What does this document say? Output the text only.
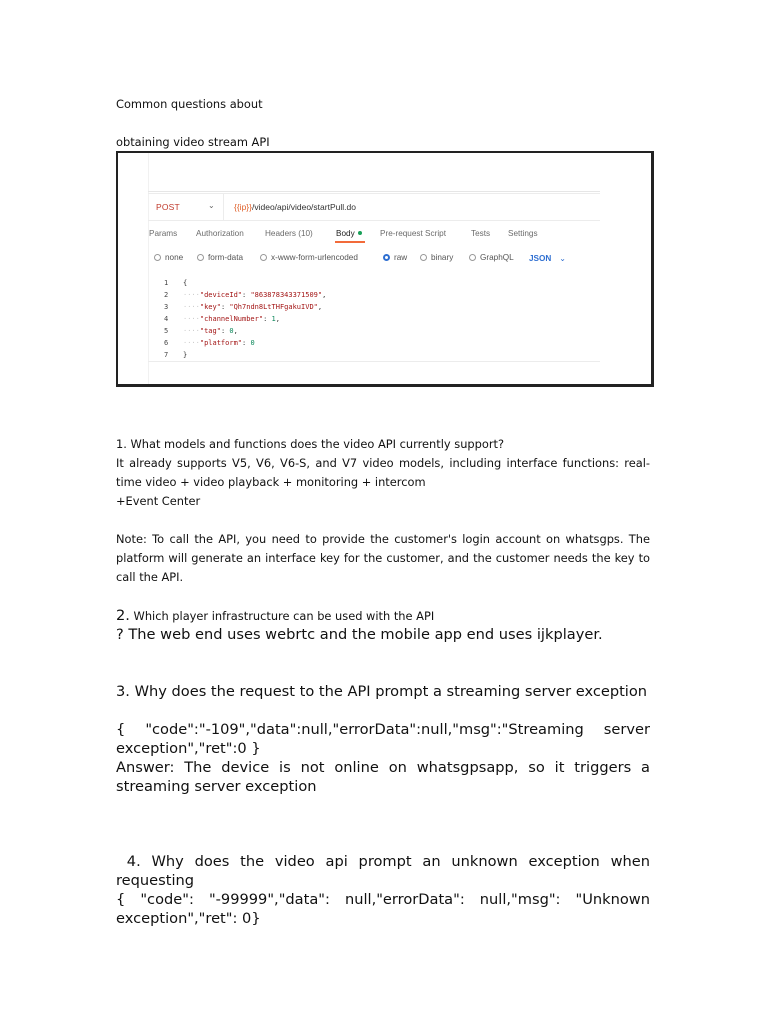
Common questions about

obtaining video stream API

POST	⌄ {{ip}}/video/api/video/startPull.do
Params Authorization	Headers (10)	Body	Pre-request Script	Tests Settings
none	form-data	x-www-form-urlencoded	raw	binary	GraphQL JSON ⌄
1
2
3
4
5
6
7
{
····"deviceId": "863878343371509",
····"key": "Qh7ndn8LtTHFgakuIVD",
····"channelNumber": 1,
····"tag": 0,
····"platform": 0
}

1. What models and functions does the video API currently support?

It already supports V5, V6, V6-S, and V7 video models, including interface functions: real-time video + video playback + monitoring + intercom

+Event Center

Note: To call the API, you need to provide the customer's login account on whatsgps. The platform will generate an interface key for the customer, and the customer needs the key to call the API.

2. Which player infrastructure can be used with the API

? The web end uses webrtc and the mobile app end uses ijkplayer.

3. Why does the request to the API prompt a streaming server exception

{ "code":"-109","data":null,"errorData":null,"msg":"Streaming server exception","ret":0 }

Answer: The device is not online on whatsgpsapp, so it triggers a streaming server exception

4. Why does the video api prompt an unknown exception when requesting

{ "code": "-99999","data": null,"errorData": null,"msg": "Unknown exception","ret": 0}
